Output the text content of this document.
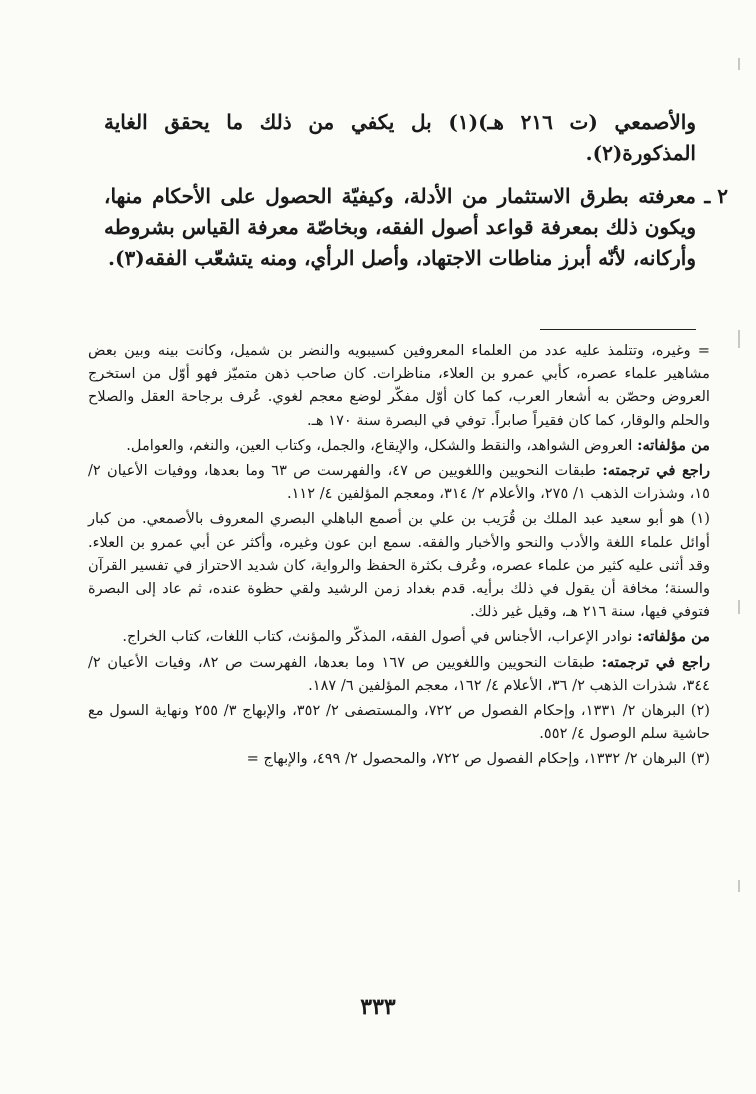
والأصمعي (ت ٢١٦ هـ)(١) بل يكفي من ذلك ما يحقق الغاية المذكورة(٢).
٢ ـ
معرفته بطرق الاستثمار من الأدلة، وكيفيّة الحصول على الأحكام منها، ويكون ذلك بمعرفة قواعد أصول الفقه، وبخاصّة معرفة القياس بشروطه وأركانه، لأنّه أبرز مناطات الاجتهاد، وأصل الرأي، ومنه يتشعّب الفقه(٣).

= وغيره، وتتلمذ عليه عدد من العلماء المعروفين كسيبويه والنضر بن شميل، وكانت بينه وبين بعض مشاهير علماء عصره، كأبي عمرو بن العلاء، مناظرات. كان صاحب ذهن متميّز فهو أوّل من استخرج العروض وحصّن به أشعار العرب، كما كان أوّل مفكّر لوضع معجم لغوي. عُرف برجاحة العقل والصلاح والحلم والوقار، كما كان فقيراً صابراً. توفي في البصرة سنة ١٧٠ هـ.

من مؤلفاته: العروض الشواهد، والنقط والشكل، والإيقاع، والجمل، وكتاب العين، والنغم، والعوامل.

راجع في ترجمته: طبقات النحويين واللغويين ص ٤٧، والفهرست ص ٦٣ وما بعدها، ووفيات الأعيان ٢/ ١٥، وشذرات الذهب ١/ ٢٧٥، والأعلام ٢/ ٣١٤، ومعجم المؤلفين ٤/ ١١٢.

(١) هو أبو سعيد عبد الملك بن قُرَيب بن علي بن أصمع الباهلي البصري المعروف بالأصمعي. من كبار أوائل علماء اللغة والأدب والنحو والأخبار والفقه. سمع ابن عون وغيره، وأكثر عن أبي عمرو بن العلاء. وقد أثنى عليه كثير من علماء عصره، وعُرف بكثرة الحفظ والرواية، كان شديد الاحتراز في تفسير القرآن والسنة؛ مخافة أن يقول في ذلك برأيه. قدم بغداد زمن الرشيد ولقي حظوة عنده، ثم عاد إلى البصرة فتوفي فيها، سنة ٢١٦ هـ، وقيل غير ذلك.

من مؤلفاته: نوادر الإعراب، الأجناس في أصول الفقه، المذكّر والمؤنث، كتاب اللغات، كتاب الخراج.

راجع في ترجمته: طبقات النحويين واللغويين ص ١٦٧ وما بعدها، الفهرست ص ٨٢، وفيات الأعيان ٢/ ٣٤٤، شذرات الذهب ٢/ ٣٦، الأعلام ٤/ ١٦٢، معجم المؤلفين ٦/ ١٨٧.

(٢) البرهان ٢/ ١٣٣١، وإحكام الفصول ص ٧٢٢، والمستصفى ٢/ ٣٥٢، والإبهاج ٣/ ٢٥٥ ونهاية السول مع حاشية سلم الوصول ٤/ ٥٥٢.

(٣) البرهان ٢/ ١٣٣٢، وإحكام الفصول ص ٧٢٢، والمحصول ٢/ ٤٩٩، والإبهاج =

٣٣٣
